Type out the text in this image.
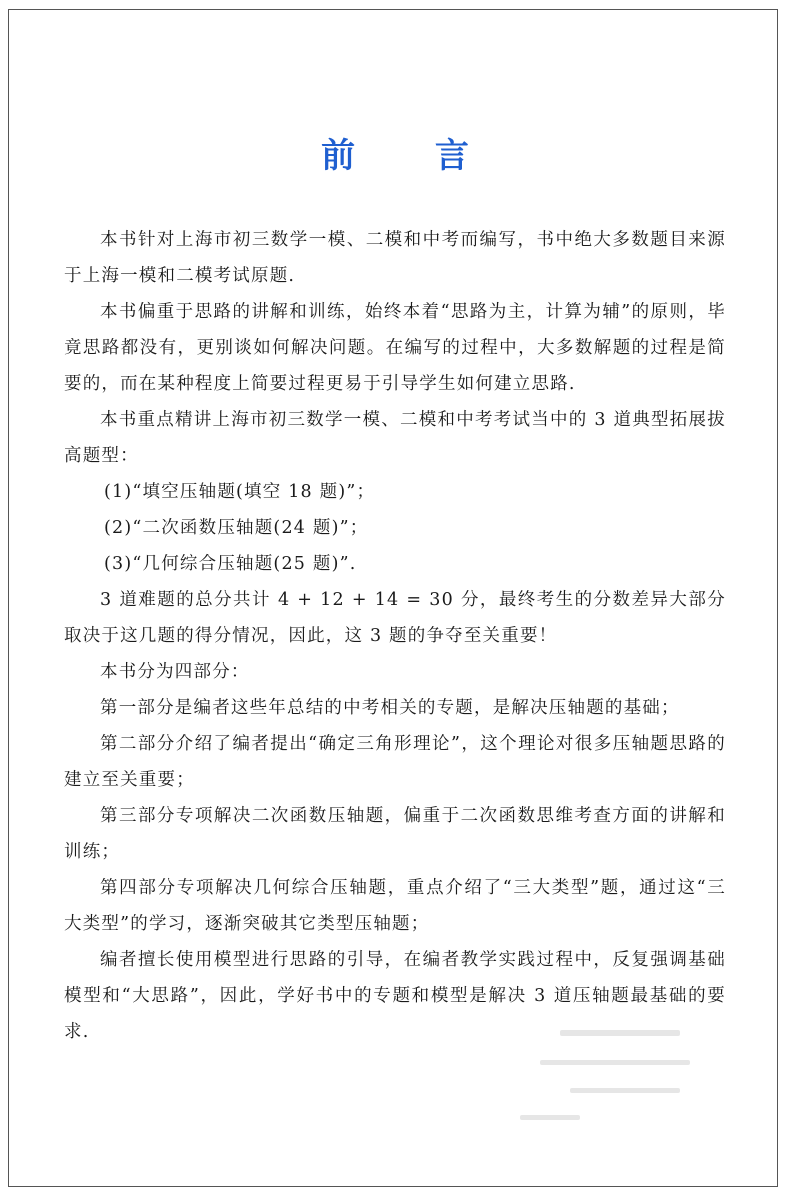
前 言

本书针对上海市初三数学一模、二模和中考而编写，书中绝大多数题目来源于上海一模和二模考试原题.

本书偏重于思路的讲解和训练，始终本着“思路为主，计算为辅”的原则，毕竟思路都没有，更别谈如何解决问题。在编写的过程中，大多数解题的过程是简要的，而在某种程度上简要过程更易于引导学生如何建立思路.

本书重点精讲上海市初三数学一模、二模和中考考试当中的 3 道典型拓展拔高题型：

(1)“填空压轴题(填空 18 题)”；

(2)“二次函数压轴题(24 题)”；

(3)“几何综合压轴题(25 题)”.

3 道难题的总分共计 4 + 12 + 14 = 30 分，最终考生的分数差异大部分取决于这几题的得分情况，因此，这 3 题的争夺至关重要！

本书分为四部分：

第一部分是编者这些年总结的中考相关的专题，是解决压轴题的基础；

第二部分介绍了编者提出“确定三角形理论”，这个理论对很多压轴题思路的建立至关重要；

第三部分专项解决二次函数压轴题，偏重于二次函数思维考查方面的讲解和训练；

第四部分专项解决几何综合压轴题，重点介绍了“三大类型”题，通过这“三大类型”的学习，逐渐突破其它类型压轴题；

编者擅长使用模型进行思路的引导，在编者教学实践过程中，反复强调基础模型和“大思路”，因此，学好书中的专题和模型是解决 3 道压轴题最基础的要求.
